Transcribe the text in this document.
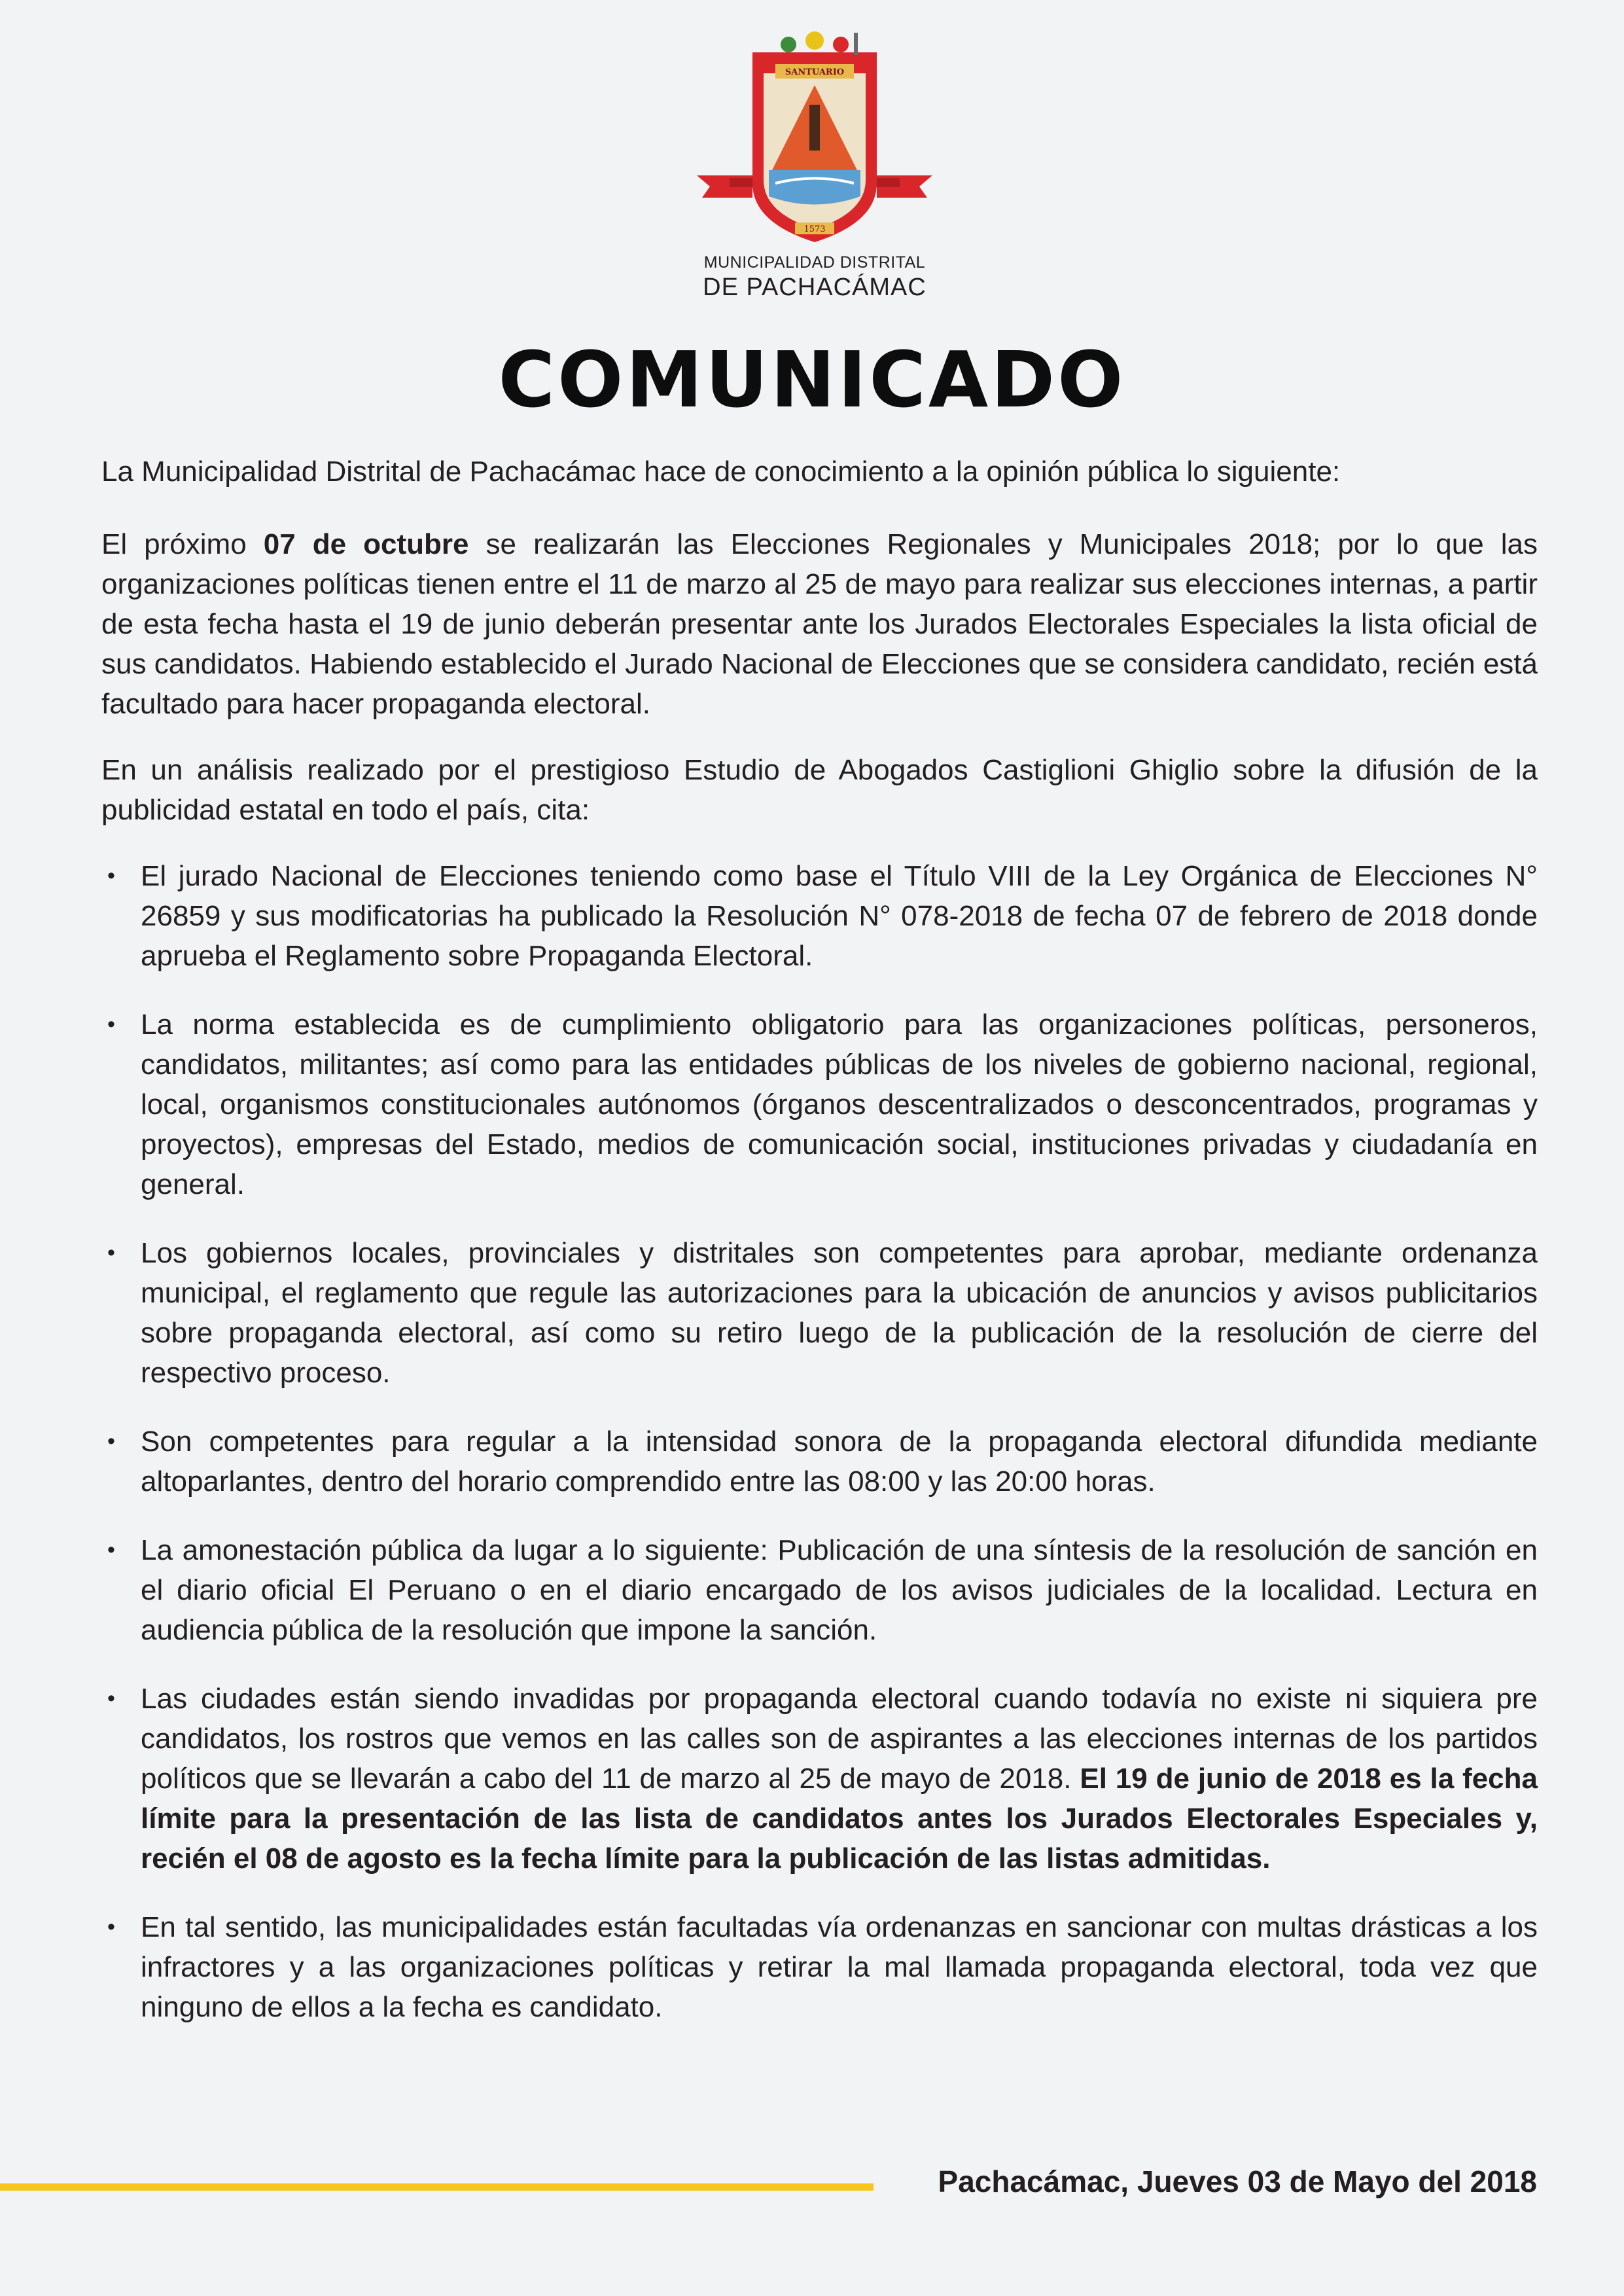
SANTUARIO
1573
MUNICIPALIDAD DISTRITAL
DE PACHACÁMAC
COMUNICADO

La Municipalidad Distrital de Pachacámac hace de conocimiento a la opinión pública lo siguiente:

El próximo 07 de octubre se realizarán las Elecciones Regionales y Municipales 2018; por lo que las organizaciones políticas tienen entre el 11 de marzo al 25 de mayo para realizar sus elecciones internas, a partir de esta fecha hasta el 19 de junio deberán presentar ante los Jurados Electorales Especiales la lista oficial de sus candidatos. Habiendo establecido el Jurado Nacional de Elecciones que se considera candidato, recién está facultado para hacer propaganda electoral.

En un análisis realizado por el prestigioso Estudio de Abogados Castiglioni Ghiglio sobre la difusión de la publicidad estatal en todo el país, cita:

• El jurado Nacional de Elecciones teniendo como base el Título VIII de la Ley Orgánica de Elecciones N° 26859 y sus modificatorias ha publicado la Resolución N° 078-2018 de fecha 07 de febrero de 2018 donde aprueba el Reglamento sobre Propaganda Electoral.
• La norma establecida es de cumplimiento obligatorio para las organizaciones políticas, personeros, candidatos, militantes; así como para las entidades públicas de los niveles de gobierno nacional, regional, local, organismos constitucionales autónomos (órganos descentralizados o desconcentrados, programas y proyectos), empresas del Estado, medios de comunicación social, instituciones privadas y ciudadanía en general.
• Los gobiernos locales, provinciales y distritales son competentes para aprobar, mediante ordenanza municipal, el reglamento que regule las autorizaciones para la ubicación de anuncios y avisos publicitarios sobre propaganda electoral, así como su retiro luego de la publicación de la resolución de cierre del respectivo proceso.
• Son competentes para regular a la intensidad sonora de la propaganda electoral difundida mediante altoparlantes, dentro del horario comprendido entre las 08:00 y las 20:00 horas.
• La amonestación pública da lugar a lo siguiente: Publicación de una síntesis de la resolución de sanción en el diario oficial El Peruano o en el diario encargado de los avisos judiciales de la localidad. Lectura en audiencia pública de la resolución que impone la sanción.
• Las ciudades están siendo invadidas por propaganda electoral cuando todavía no existe ni siquiera pre candidatos, los rostros que vemos en las calles son de aspirantes a las elecciones internas de los partidos políticos que se llevarán a cabo del 11 de marzo al 25 de mayo de 2018. El 19 de junio de 2018 es la fecha límite para la presentación de las lista de candidatos antes los Jurados Electorales Especiales y, recién el 08 de agosto es la fecha límite para la publicación de las listas admitidas.
• En tal sentido, las municipalidades están facultadas vía ordenanzas en sancionar con multas drásticas a los infractores y a las organizaciones políticas y retirar la mal llamada propaganda electoral, toda vez que ninguno de ellos a la fecha es candidato.
Pachacámac, Jueves 03 de Mayo del 2018
